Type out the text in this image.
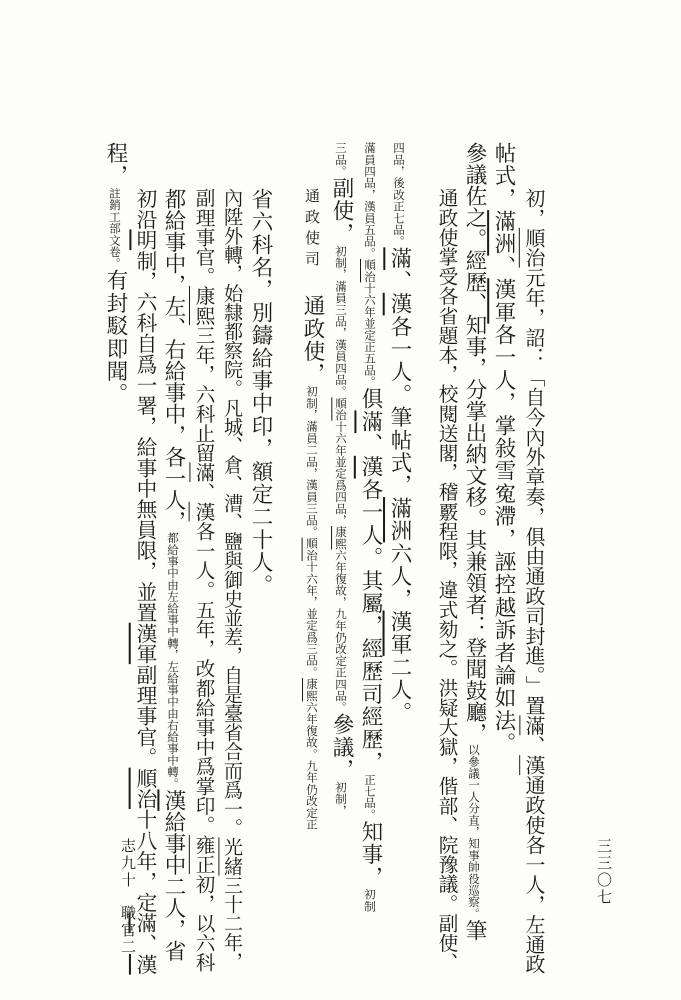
程，註銷工部文卷。有封駁即聞。
初沿明制，六科自爲一署，給事中無員限，並置漢軍副理事官。順治十八年，定滿、漢
都給事中，左、右給事中，各一人，都給事中由左給事中轉，左給事中由右給事中轉。漢給事中二人，省
副理事官。康熙三年，六科止留滿、漢各一人。五年，改都給事中爲掌印。雍正初，以六科
內陞外轉，始隸都察院。凡城、倉、漕、鹽與御史並差，自是臺省合而爲一。光緒三十二年，
省六科名，別鑄給事中印，額定二十人。 通政使司　通政使，初制，滿員二品，漢員三品。順治十六年，並定爲三品。康熙六年復故。九年仍改定正
三品。副使，初制，滿員三品，漢員四品。順治十六年並定爲四品，康熙六年復故，九年仍改定正四品。參議，初制，
滿員四品，漢員五品。順治十六年並定正五品。俱滿、漢各一人。其屬，經歷司經歷，正七品。知事，初制
四品，後改正七品。滿、漢各一人。筆帖式，滿洲六人，漢軍二人。 通政使掌受各省題本，校閱送閣，稽覈程限，違式劾之。洪疑大獄，偕部、院豫議。副使、 參議佐之。經歷、知事，分掌出納文移。其兼領者：登聞鼓廳，以參議一人分直，知事帥役巡察。筆
帖式，滿洲、漢軍各一人，掌敍雪寃滯，誣控越訴者論如法。
初，順治元年，詔：「自今內外章奏，俱由通政司封進。」置滿、漢通政使各一人，左通政	三三〇七
志九十
職官二
